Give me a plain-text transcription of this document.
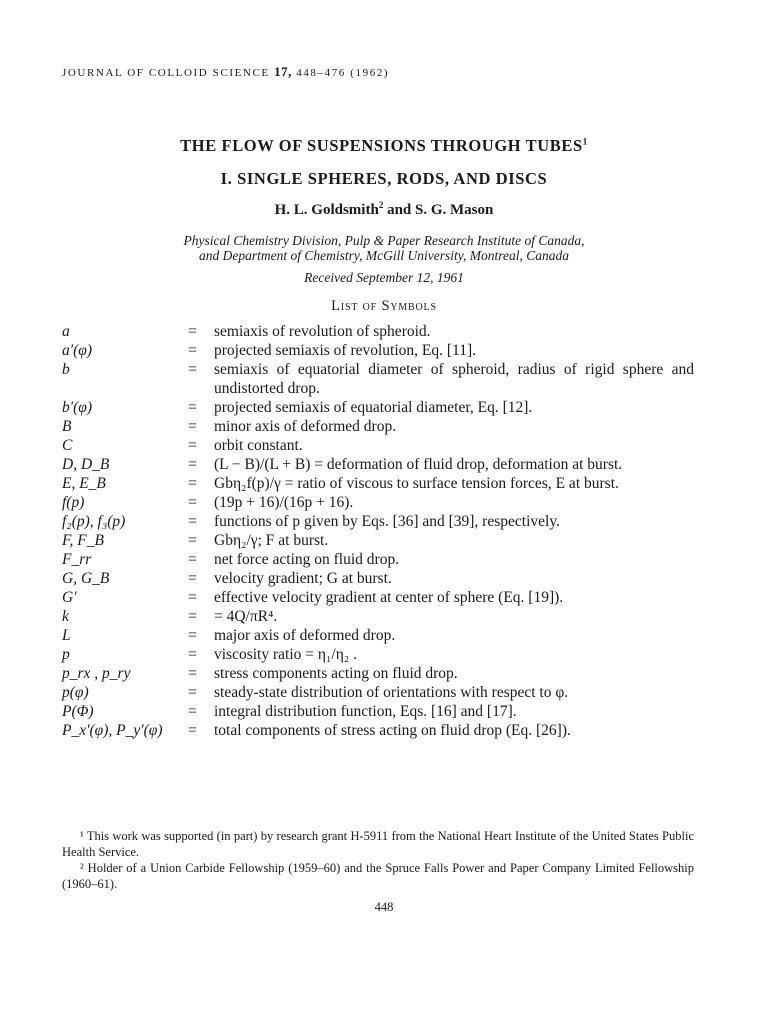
JOURNAL OF COLLOID SCIENCE 17, 448–476 (1962)
THE FLOW OF SUSPENSIONS THROUGH TUBES$^1$
I. SINGLE SPHERES, RODS, AND DISCS
H. L. Goldsmith$^2$ and S. G. Mason
Physical Chemistry Division, Pulp & Paper Research Institute of Canada,
and Department of Chemistry, McGill University, Montreal, Canada
Received September 12, 1961
List of Symbols
a	=	semiaxis of revolution of spheroid.
a′(φ)	=	projected semiaxis of revolution, Eq. [11].
b	=	semiaxis of equatorial diameter of spheroid, radius of rigid sphere and undistorted drop.
b′(φ)	=	projected semiaxis of equatorial diameter, Eq. [12].
B	=	minor axis of deformed drop.
C	=	orbit constant.
D, D_B	=	(L − B)/(L + B) = deformation of fluid drop, deformation at burst.
E, E_B	=	Gbη₂f(p)/γ = ratio of viscous to surface tension forces, E at burst.
f(p)	=	(19p + 16)/(16p + 16).
f₂(p), f₃(p)	=	functions of p given by Eqs. [36] and [39], respectively.
F, F_B	=	Gbη₂/γ; F at burst.
F_rr	=	net force acting on fluid drop.
G, G_B	=	velocity gradient; G at burst.
G′	=	effective velocity gradient at center of sphere (Eq. [19]).
k	=	= 4Q/πR⁴.
L	=	major axis of deformed drop.
p	=	viscosity ratio = η₁/η₂ .
p_rx , p_ry	=	stress components acting on fluid drop.
p(φ)	=	steady-state distribution of orientations with respect to φ.
P(Φ)	=	integral distribution function, Eqs. [16] and [17].
P_x′(φ), P_y′(φ)	=	total components of stress acting on fluid drop (Eq. [26]).
¹ This work was supported (in part) by research grant H-5911 from the National Heart Institute of the United States Public Health Service.
² Holder of a Union Carbide Fellowship (1959–60) and the Spruce Falls Power and Paper Company Limited Fellowship (1960–61).
448
